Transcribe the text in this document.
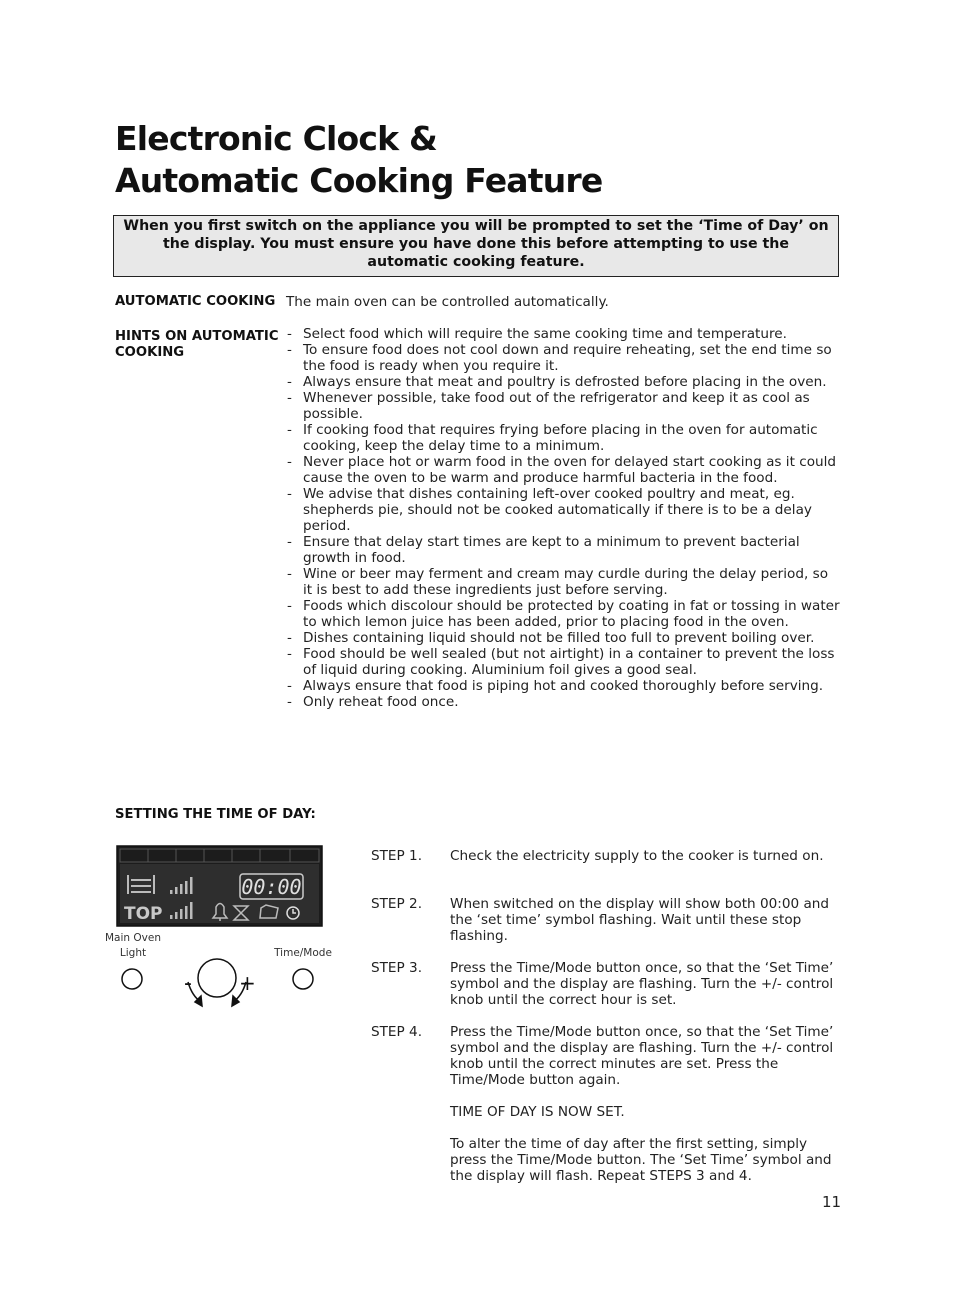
Electronic Clock &
Automatic Cooking Feature
When you first switch on the appliance you will be prompted to set the ‘Time of Day’ on the display. You must ensure you have done this before attempting to use the automatic cooking feature.
AUTOMATIC COOKING The main oven can be controlled automatically.
HINTS ON AUTOMATIC
COOKING
- Select food which will require the same cooking time and temperature.
- To ensure food does not cool down and require reheating, set the end time so the food is ready when you require it.
- Always ensure that meat and poultry is defrosted before placing in the oven.
- Whenever possible, take food out of the refrigerator and keep it as cool as possible.
- If cooking food that requires frying before placing in the oven for automatic cooking, keep the delay time to a minimum.
- Never place hot or warm food in the oven for delayed start cooking as it could cause the oven to be warm and produce harmful bacteria in the food.
- We advise that dishes containing left-over cooked poultry and meat, eg. shepherds pie, should not be cooked automatically if there is to be a delay period.
- Ensure that delay start times are kept to a minimum to prevent bacterial growth in food.
- Wine or beer may ferment and cream may curdle during the delay period, so it is best to add these ingredients just before serving.
- Foods which discolour should be protected by coating in fat or tossing in water to which lemon juice has been added, prior to placing food in the oven.
- Dishes containing liquid should not be filled too full to prevent boiling over.
- Food should be well sealed (but not airtight) in a container to prevent the loss of liquid during cooking. Aluminium foil gives a good seal.
- Always ensure that food is piping hot and cooked thoroughly before serving.
- Only reheat food once.
SETTING THE TIME OF DAY:
00:00
TOP
- +
Main Oven
Light	Time/Mode
STEP 1. Check the electricity supply to the cooker is turned on.
STEP 2. When switched on the display will show both 00:00 and the ‘set time’ symbol flashing. Wait until these stop flashing.
STEP 3. Press the Time/Mode button once, so that the ‘Set Time’ symbol and the display are flashing. Turn the +/- control knob until the correct hour is set.
STEP 4. Press the Time/Mode button once, so that the ‘Set Time’ symbol and the display are flashing. Turn the +/- control knob until the correct minutes are set. Press the Time/Mode button again.
TIME OF DAY IS NOW SET.
To alter the time of day after the first setting, simply press the Time/Mode button. The ‘Set Time’ symbol and the display will flash. Repeat STEPS 3 and 4.
11
